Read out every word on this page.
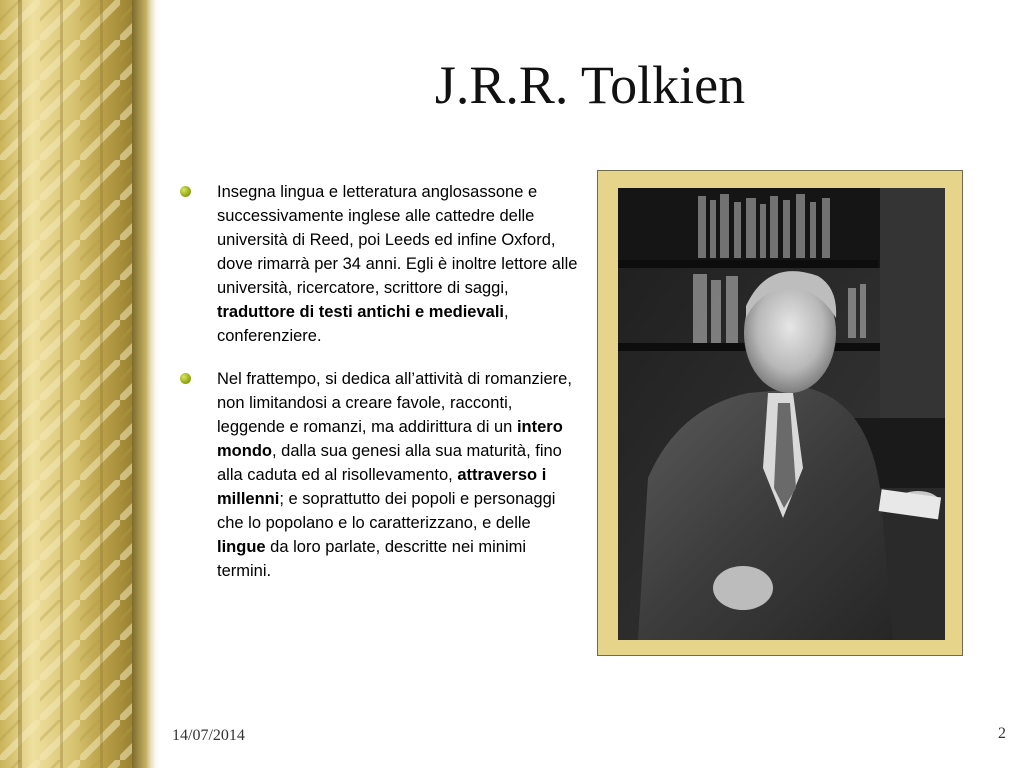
J.R.R. Tolkien
Insegna lingua e letteratura anglosassone e successivamente inglese alle cattedre delle università di Reed, poi Leeds ed infine Oxford, dove rimarrà per 34 anni. Egli è inoltre lettore alle università, ricercatore, scrittore di saggi, traduttore di testi antichi e medievali, conferenziere.
Nel frattempo, si dedica all’attività di romanziere, non limitandosi a creare favole, racconti, leggende e romanzi, ma addirittura di un intero mondo, dalla sua genesi alla sua maturità, fino alla caduta ed al risollevamento, attraverso i millenni; e soprattutto dei popoli e personaggi che lo popolano e lo caratterizzano, e delle lingue da loro parlate, descritte nei minimi termini.
14/07/2014	2
